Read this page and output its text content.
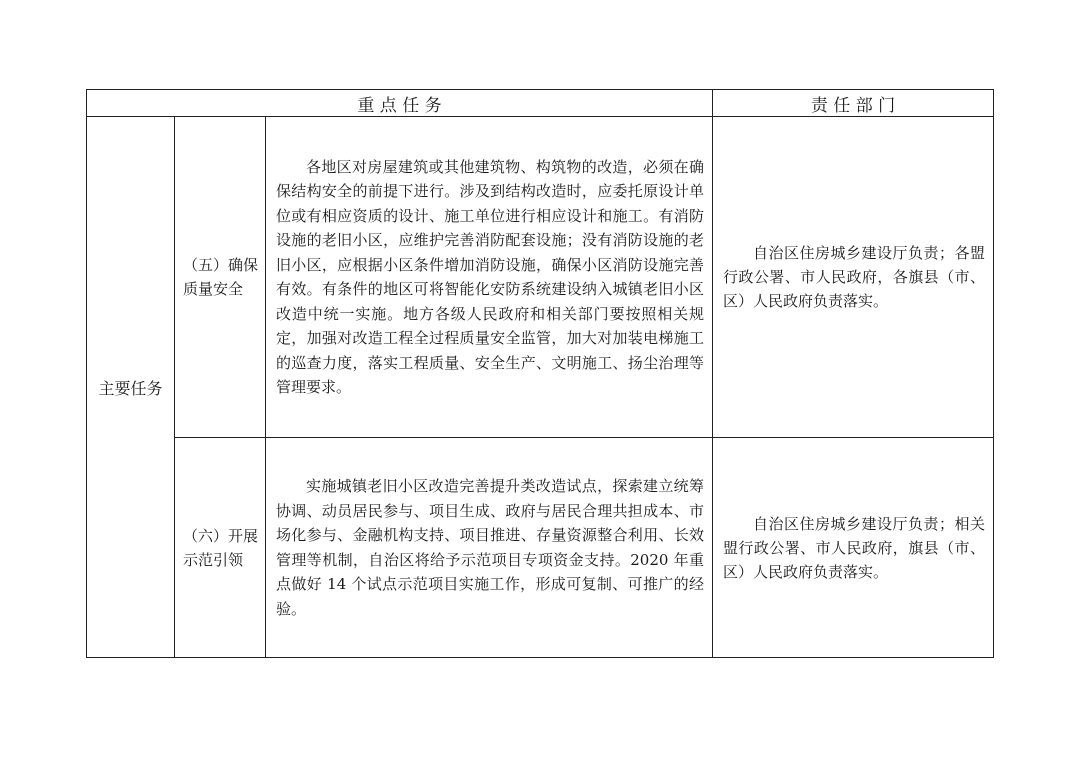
重 点 任 务	责 任 部 门
主要任务
（五）确保质量安全
各地区对房屋建筑或其他建筑物、构筑物的改造，必须在确保结构安全的前提下进行。涉及到结构改造时，应委托原设计单位或有相应资质的设计、施工单位进行相应设计和施工。有消防设施的老旧小区，应维护完善消防配套设施；没有消防设施的老旧小区，应根据小区条件增加消防设施，确保小区消防设施完善有效。有条件的地区可将智能化安防系统建设纳入城镇老旧小区改造中统一实施。地方各级人民政府和相关部门要按照相关规定，加强对改造工程全过程质量安全监管，加大对加装电梯施工的巡查力度，落实工程质量、安全生产、文明施工、扬尘治理等管理要求。
自治区住房城乡建设厅负责；各盟行政公署、市人民政府，各旗县（市、区）人民政府负责落实。
（六）开展示范引领
实施城镇老旧小区改造完善提升类改造试点，探索建立统筹协调、动员居民参与、项目生成、政府与居民合理共担成本、市场化参与、金融机构支持、项目推进、存量资源整合利用、长效管理等机制，自治区将给予示范项目专项资金支持。2020 年重点做好 14 个试点示范项目实施工作，形成可复制、可推广的经验。
自治区住房城乡建设厅负责；相关盟行政公署、市人民政府，旗县（市、区）人民政府负责落实。
